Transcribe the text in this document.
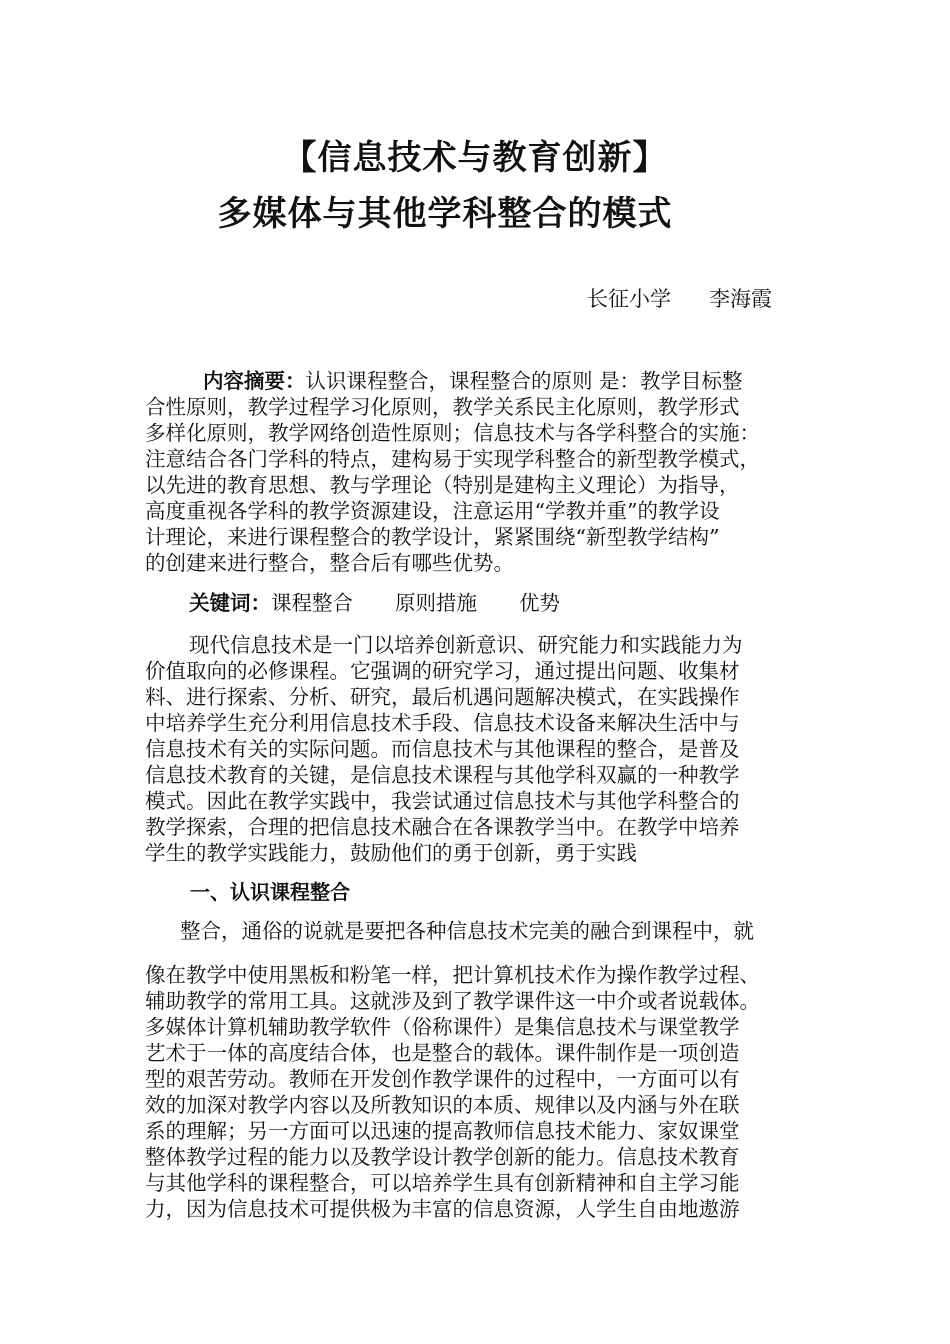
【信息技术与教育创新】
多媒体与其他学科整合的模式
长征小学 李海霞
内容摘要：认识课程整合，课程整合的原则 是：教学目标整
合性原则，教学过程学习化原则，教学关系民主化原则，教学形式
多样化原则，教学网络创造性原则；信息技术与各学科整合的实施：
注意结合各门学科的特点，建构易于实现学科整合的新型教学模式，
以先进的教育思想、教与学理论（特别是建构主义理论）为指导，
高度重视各学科的教学资源建设，注意运用“学教并重”的教学设
计理论，来进行课程整合的教学设计，紧紧围绕“新型教学结构”
的创建来进行整合，整合后有哪些优势。
关键词：课程整合 原则措施 优势
现代信息技术是一门以培养创新意识、研究能力和实践能力为
价值取向的必修课程。它强调的研究学习，通过提出问题、收集材
料、进行探索、分析、研究，最后机遇问题解决模式，在实践操作
中培养学生充分利用信息技术手段、信息技术设备来解决生活中与
信息技术有关的实际问题。而信息技术与其他课程的整合，是普及
信息技术教育的关键，是信息技术课程与其他学科双赢的一种教学
模式。因此在教学实践中，我尝试通过信息技术与其他学科整合的
教学探索，合理的把信息技术融合在各课教学当中。在教学中培养
学生的教学实践能力，鼓励他们的勇于创新，勇于实践
一、认识课程整合
整合，通俗的说就是要把各种信息技术完美的融合到课程中，就
像在教学中使用黑板和粉笔一样，把计算机技术作为操作教学过程、
辅助教学的常用工具。这就涉及到了教学课件这一中介或者说载体。
多媒体计算机辅助教学软件（俗称课件）是集信息技术与课堂教学
艺术于一体的高度结合体，也是整合的载体。课件制作是一项创造
型的艰苦劳动。教师在开发创作教学课件的过程中，一方面可以有
效的加深对教学内容以及所教知识的本质、规律以及内涵与外在联
系的理解；另一方面可以迅速的提高教师信息技术能力、家奴课堂
整体教学过程的能力以及教学设计教学创新的能力。信息技术教育
与其他学科的课程整合，可以培养学生具有创新精神和自主学习能
力，因为信息技术可提供极为丰富的信息资源，人学生自由地遨游
